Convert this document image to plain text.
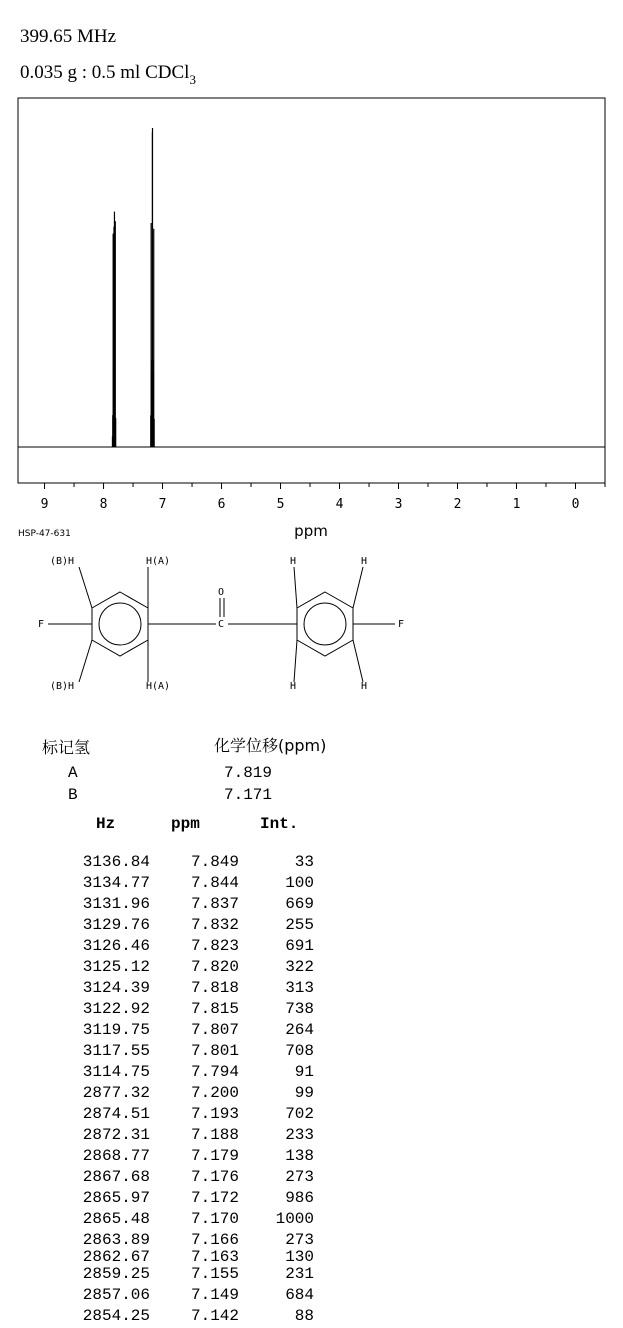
399.65 MHz
0.035 g : 0.5 ml CDCl$_3$
9	8	7	6	5	4	3	2	1	0
ppm
HSP-47-631
(B)H	H(A)
(B)H	H(A)
F	F
O
C
H	H
H	H
标记氢	化学位移(ppm)
A	7.819
B	7.171
Hz	ppm	Int.
3136.84	7.849	33
3134.77	7.844	100
3131.96	7.837	669
3129.76	7.832	255
3126.46	7.823	691
3125.12	7.820	322
3124.39	7.818	313
3122.92	7.815	738
3119.75	7.807	264
3117.55	7.801	708
3114.75	7.794	91
2877.32	7.200	99
2874.51	7.193	702
2872.31	7.188	233
2868.77	7.179	138
2867.68	7.176	273
2865.97	7.172	986
2865.48	7.170	1000
2863.89	7.166	273
2862.67	7.163	130
2859.25	7.155	231
2857.06	7.149	684
2854.25	7.142	88
